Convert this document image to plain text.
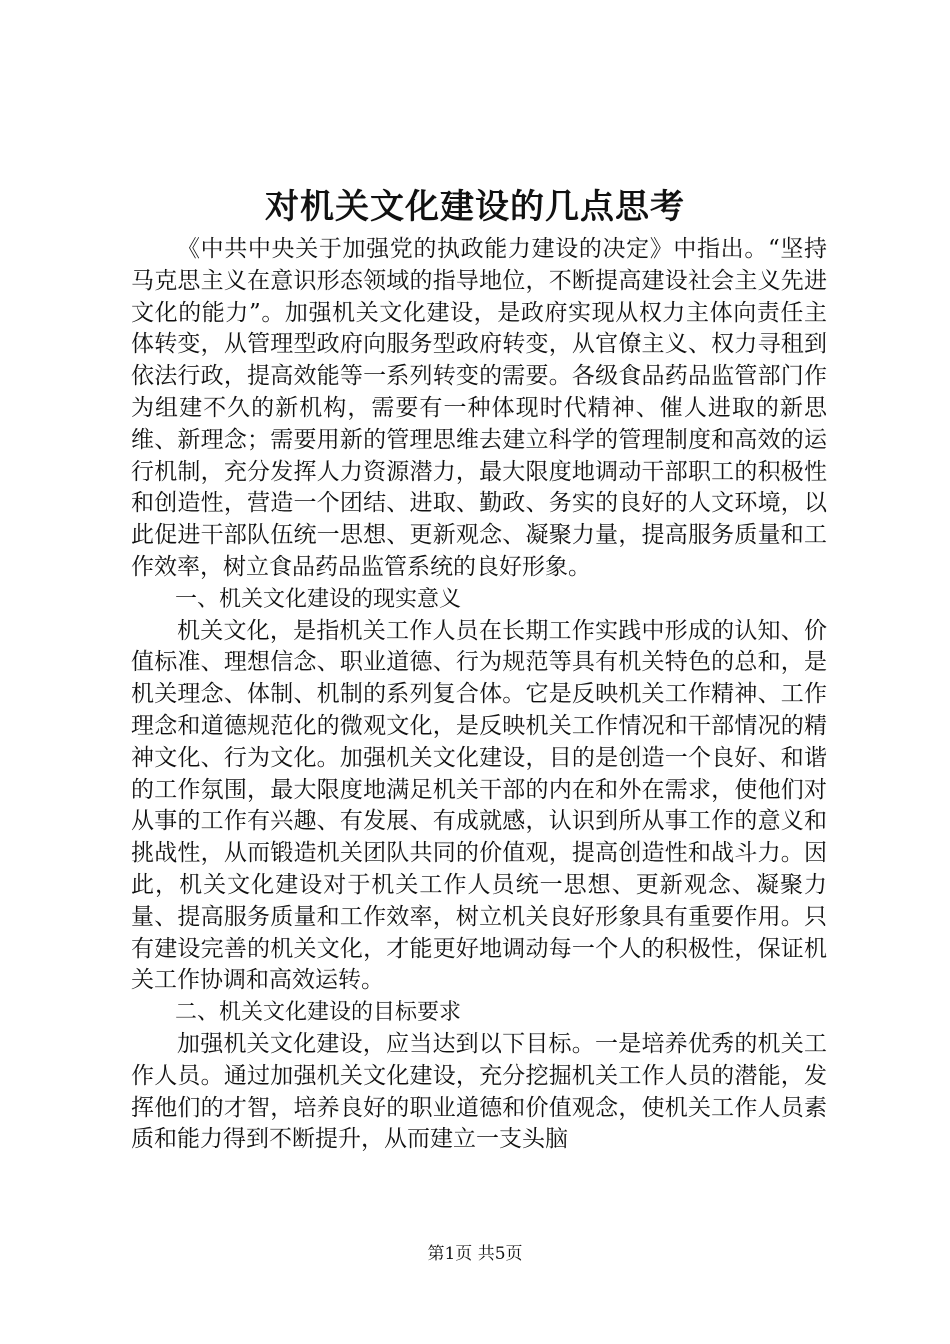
对机关文化建设的几点思考

《中共中央关于加强党的执政能力建设的决定》中指出。“坚持马克思主义在意识形态领域的指导地位，不断提高建设社会主义先进文化的能力”。加强机关文化建设，是政府实现从权力主体向责任主体转变，从管理型政府向服务型政府转变，从官僚主义、权力寻租到依法行政，提高效能等一系列转变的需要。各级食品药品监管部门作为组建不久的新机构，需要有一种体现时代精神、催人进取的新思维、新理念；需要用新的管理思维去建立科学的管理制度和高效的运行机制，充分发挥人力资源潜力，最大限度地调动干部职工的积极性和创造性，营造一个团结、进取、勤政、务实的良好的人文环境，以此促进干部队伍统一思想、更新观念、凝聚力量，提高服务质量和工作效率，树立食品药品监管系统的良好形象。

一、机关文化建设的现实意义

机关文化，是指机关工作人员在长期工作实践中形成的认知、价值标准、理想信念、职业道德、行为规范等具有机关特色的总和，是机关理念、体制、机制的系列复合体。它是反映机关工作精神、工作理念和道德规范化的微观文化，是反映机关工作情况和干部情况的精神文化、行为文化。加强机关文化建设，目的是创造一个良好、和谐的工作氛围，最大限度地满足机关干部的内在和外在需求，使他们对从事的工作有兴趣、有发展、有成就感，认识到所从事工作的意义和挑战性，从而锻造机关团队共同的价值观，提高创造性和战斗力。因此，机关文化建设对于机关工作人员统一思想、更新观念、凝聚力量、提高服务质量和工作效率，树立机关良好形象具有重要作用。只有建设完善的机关文化，才能更好地调动每一个人的积极性，保证机关工作协调和高效运转。

二、机关文化建设的目标要求

加强机关文化建设，应当达到以下目标。一是培养优秀的机关工作人员。通过加强机关文化建设，充分挖掘机关工作人员的潜能，发挥他们的才智，培养良好的职业道德和价值观念，使机关工作人员素质和能力得到不断提升，从而建立一支头脑

第1页 共5页
